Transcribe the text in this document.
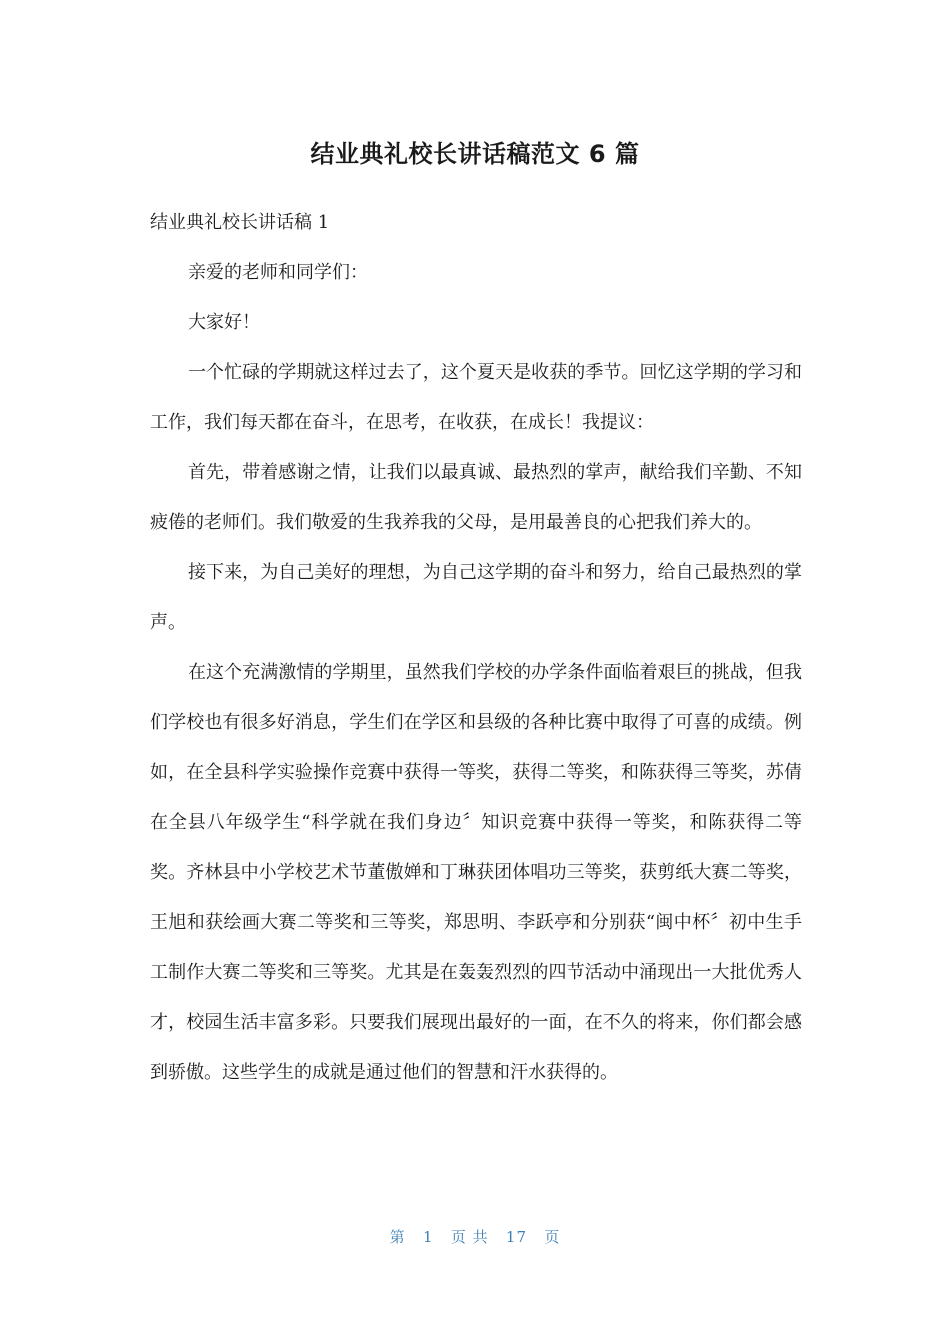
结业典礼校长讲话稿范文 6 篇

结业典礼校长讲话稿 1

亲爱的老师和同学们：

大家好！

一个忙碌的学期就这样过去了，这个夏天是收获的季节。回忆这学期的学习和工作，我们每天都在奋斗，在思考，在收获，在成长！我提议：

首先，带着感谢之情，让我们以最真诚、最热烈的掌声，献给我们辛勤、不知疲倦的老师们。我们敬爱的生我养我的父母，是用最善良的心把我们养大的。

接下来，为自己美好的理想，为自己这学期的奋斗和努力，给自己最热烈的掌声。

在这个充满激情的学期里，虽然我们学校的办学条件面临着艰巨的挑战，但我们学校也有很多好消息，学生们在学区和县级的各种比赛中取得了可喜的成绩。例如，在全县科学实验操作竞赛中获得一等奖，获得二等奖，和陈获得三等奖，苏倩在全县八年级学生“科学就在我们身边〞知识竞赛中获得一等奖，和陈获得二等奖。齐林县中小学校艺术节董傲婵和丁琳获团体唱功三等奖，获剪纸大赛二等奖，王旭和获绘画大赛二等奖和三等奖，郑思明、李跃亭和分别获“闽中杯〞初中生手工制作大赛二等奖和三等奖。尤其是在轰轰烈烈的四节活动中涌现出一大批优秀人才，校园生活丰富多彩。只要我们展现出最好的一面，在不久的将来，你们都会感到骄傲。这些学生的成就是通过他们的智慧和汗水获得的。

第 1 页 共 17 页
